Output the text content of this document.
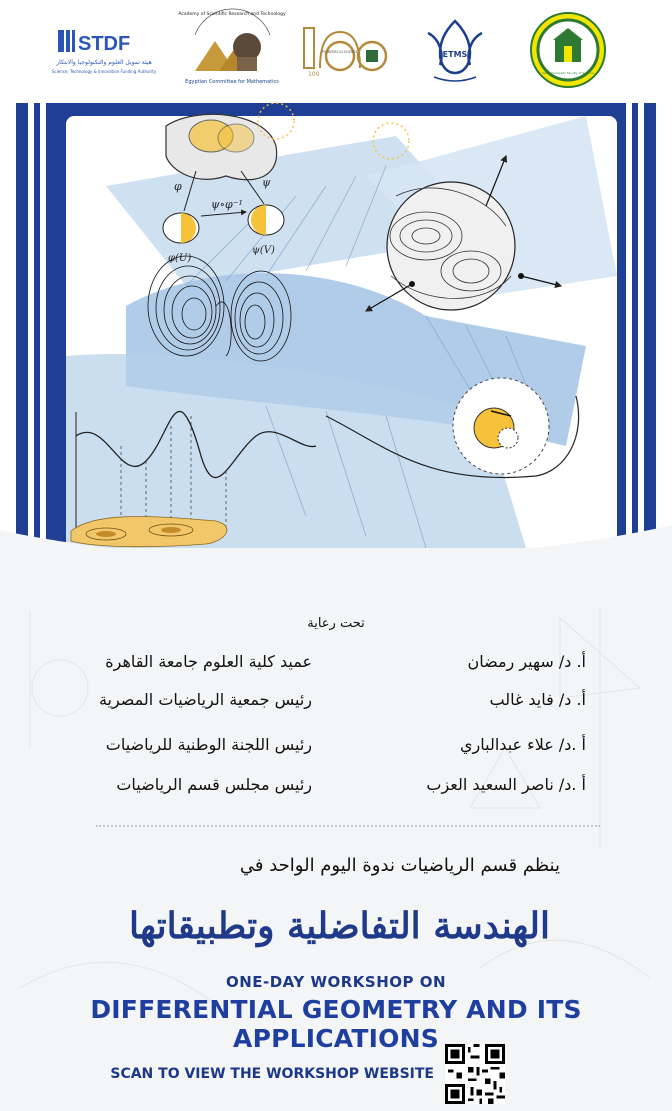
STDF
هيئة تمويل العلوم والتكنولوجيا والابتكار
Science, Technology & Innovation Funding Authority
Academy of Scientific Research and Technology
Egyptian Committee for Mathematics
PIONEERS IN SCIENCE
100
ETMS
Cairo University Faculty of Science
ψ∘φ⁻¹
φ(U)
ψ(V)
φ	ψ
تحت رعاية
أ. د/ سهير رمضان
عميد كلية العلوم جامعة القاهرة
أ. د/ فايد غالب
رئيس جمعية الرياضيات المصرية
أ .د/ علاء عبدالباري
رئيس اللجنة الوطنية للرياضيات
أ .د/ ناصر السعيد العزب
رئيس مجلس قسم الرياضيات
ينظم قسم الرياضيات ندوة اليوم الواحد في
الهندسة التفاضلية وتطبيقاتها
ONE-DAY WORKSHOP ON
DIFFERENTIAL GEOMETRY AND ITS APPLICATIONS
SCAN TO VIEW THE WORKSHOP WEBSITE
